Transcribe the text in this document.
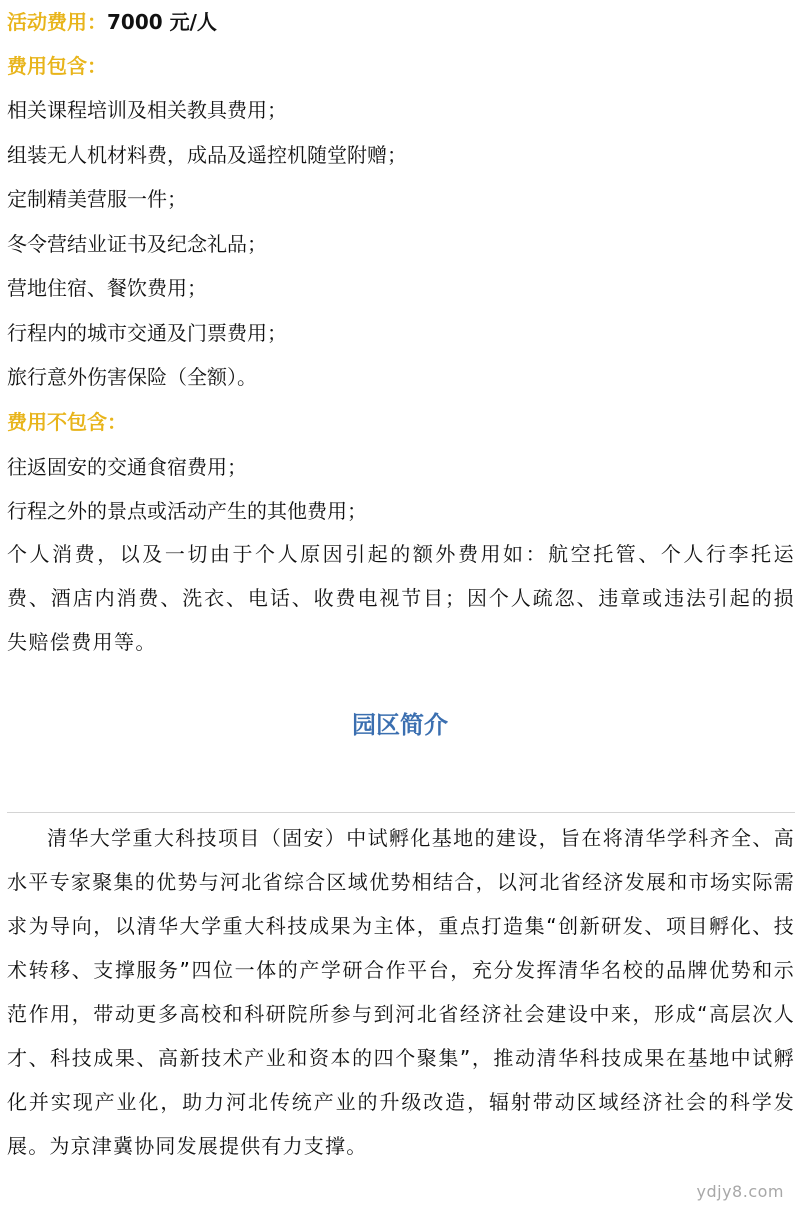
活动费用：7000 元/人
费用包含：
相关课程培训及相关教具费用；
组装无人机材料费，成品及遥控机随堂附赠；
定制精美营服一件；
冬令营结业证书及纪念礼品；
营地住宿、餐饮费用；
行程内的城市交通及门票费用；
旅行意外伤害保险（全额）。
费用不包含：
往返固安的交通食宿费用；
行程之外的景点或活动产生的其他费用；
个人消费，以及一切由于个人原因引起的额外费用如：航空托管、个人行李托运费、酒店内消费、洗衣、电话、收费电视节目；因个人疏忽、违章或违法引起的损失赔偿费用等。
园区简介
清华大学重大科技项目（固安）中试孵化基地的建设，旨在将清华学科齐全、高水平专家聚集的优势与河北省综合区域优势相结合，以河北省经济发展和市场实际需求为导向，以清华大学重大科技成果为主体，重点打造集“创新研发、项目孵化、技术转移、支撑服务”四位一体的产学研合作平台，充分发挥清华名校的品牌优势和示范作用，带动更多高校和科研院所参与到河北省经济社会建设中来，形成“高层次人才、科技成果、高新技术产业和资本的四个聚集”，推动清华科技成果在基地中试孵化并实现产业化，助力河北传统产业的升级改造，辐射带动区域经济社会的科学发展。为京津冀协同发展提供有力支撑。
ydjy8.com
